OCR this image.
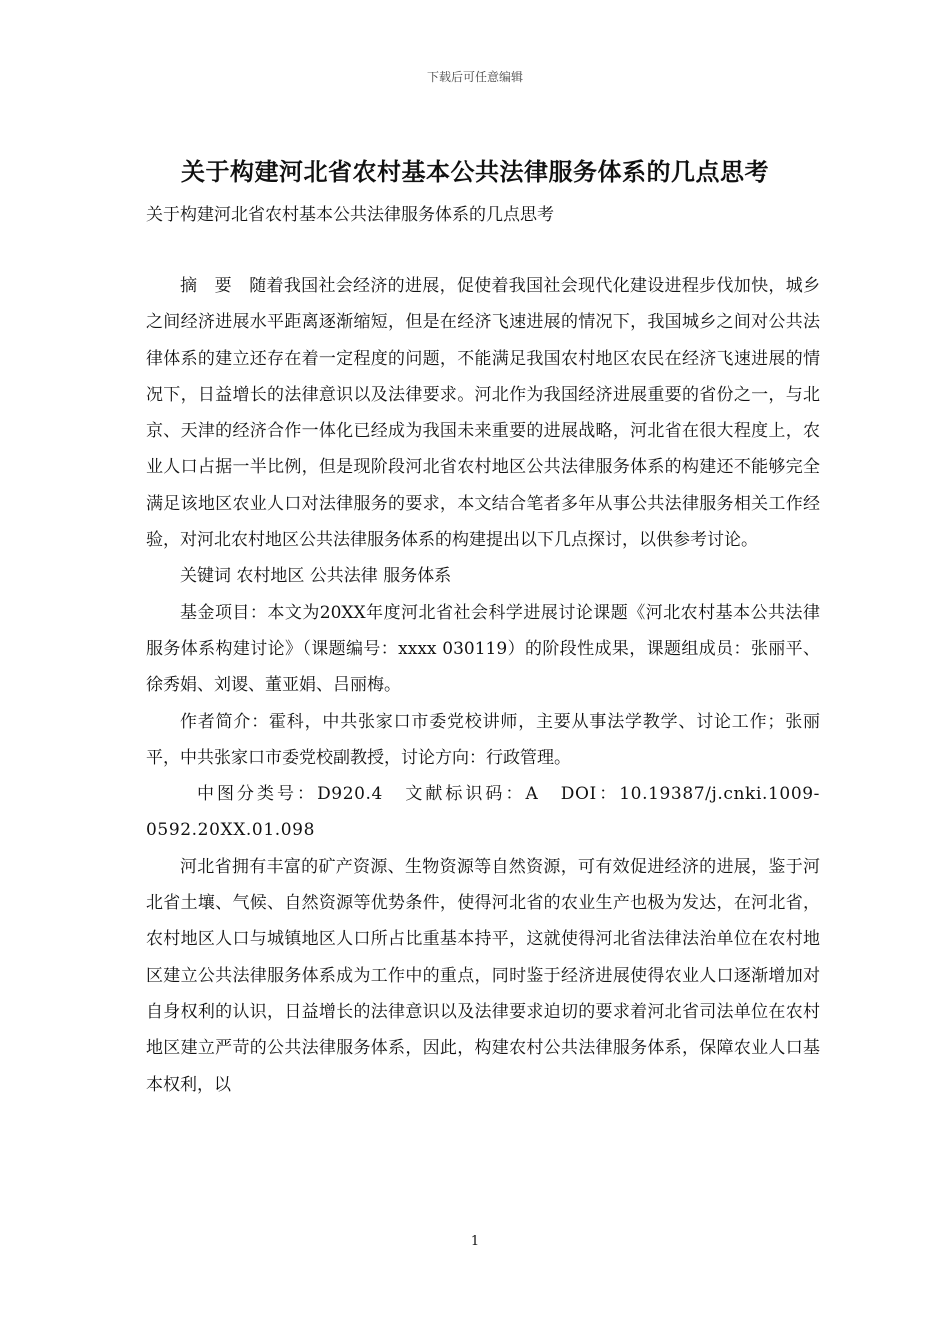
下载后可任意编辑
关于构建河北省农村基本公共法律服务体系的几点思考
关于构建河北省农村基本公共法律服务体系的几点思考

摘　要　随着我国社会经济的进展，促使着我国社会现代化建设进程步伐加快，城乡之间经济进展水平距离逐渐缩短，但是在经济飞速进展的情况下，我国城乡之间对公共法律体系的建立还存在着一定程度的问题，不能满足我国农村地区农民在经济飞速进展的情况下，日益增长的法律意识以及法律要求。河北作为我国经济进展重要的省份之一，与北京、天津的经济合作一体化已经成为我国未来重要的进展战略，河北省在很大程度上，农业人口占据一半比例，但是现阶段河北省农村地区公共法律服务体系的构建还不能够完全满足该地区农业人口对法律服务的要求，本文结合笔者多年从事公共法律服务相关工作经验，对河北农村地区公共法律服务体系的构建提出以下几点探讨，以供参考讨论。

关键词 农村地区 公共法律 服务体系

基金项目：本文为20XX年度河北省社会科学进展讨论课题《河北农村基本公共法律服务体系构建讨论》（课题编号：xxxx 030119）的阶段性成果，课题组成员：张丽平、徐秀娟、刘谡、董亚娟、吕丽梅。

作者简介：霍科，中共张家口市委党校讲师，主要从事法学教学、讨论工作；张丽平，中共张家口市委党校副教授，讨论方向：行政管理。

中图分类号：D920.4　文献标识码：A　DOI：10.19387/j.cnki.1009-0592.20XX.01.098

河北省拥有丰富的矿产资源、生物资源等自然资源，可有效促进经济的进展，鉴于河北省土壤、气候、自然资源等优势条件，使得河北省的农业生产也极为发达，在河北省，农村地区人口与城镇地区人口所占比重基本持平，这就使得河北省法律法治单位在农村地区建立公共法律服务体系成为工作中的重点，同时鉴于经济进展使得农业人口逐渐增加对自身权利的认识，日益增长的法律意识以及法律要求迫切的要求着河北省司法单位在农村地区建立严苛的公共法律服务体系，因此，构建农村公共法律服务体系，保障农业人口基本权利，以

1
